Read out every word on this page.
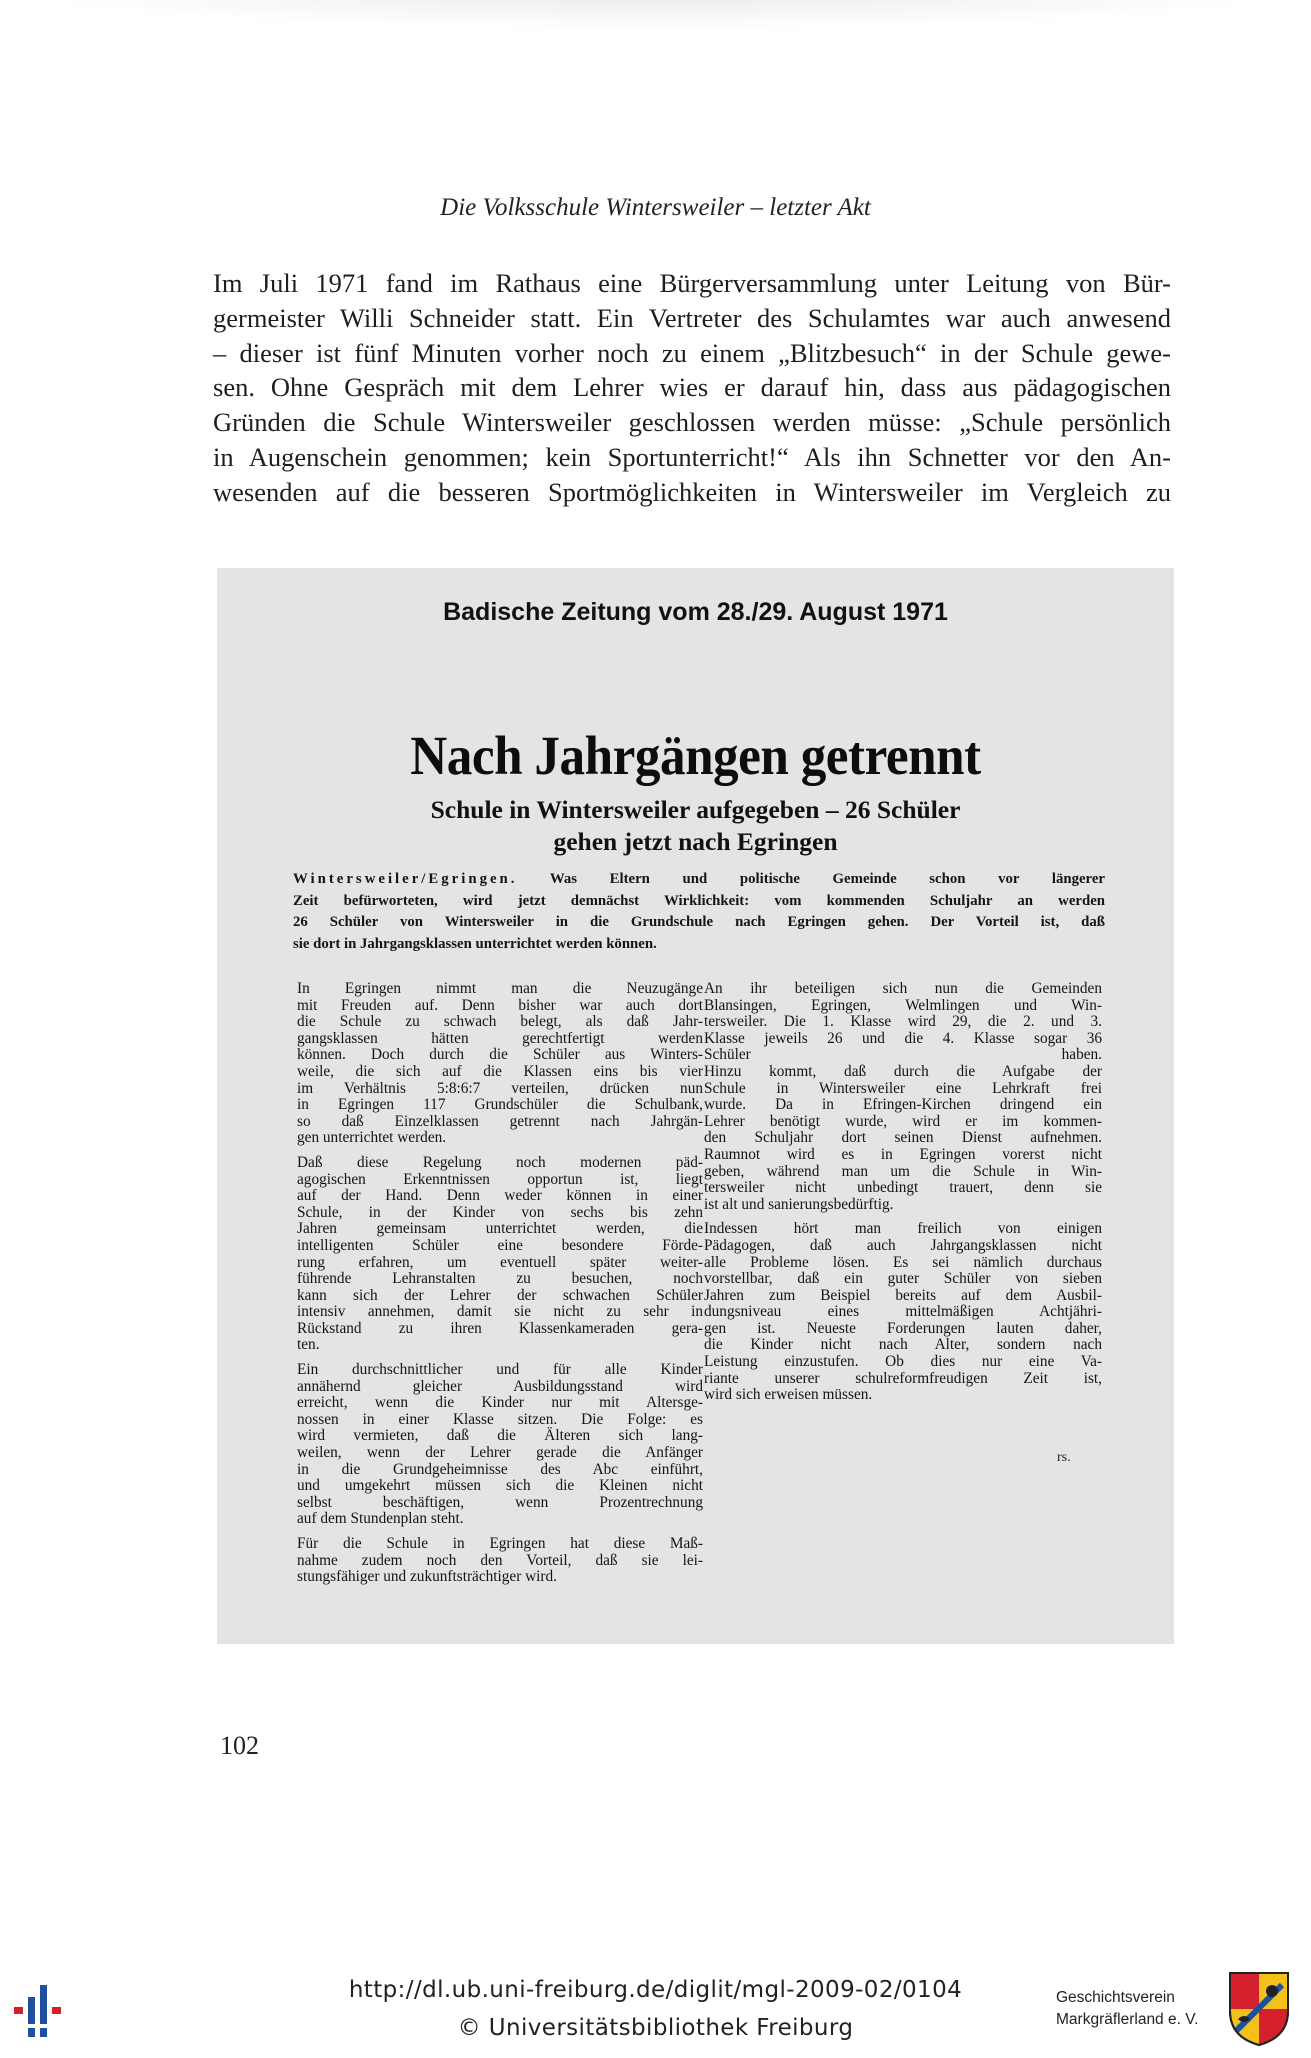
Die Volksschule Wintersweiler – letzter Akt
Im Juli 1971 fand im Rathaus eine Bürgerversammlung unter Leitung von Bür-
germeister Willi Schneider statt. Ein Vertreter des Schulamtes war auch anwesend
– dieser ist fünf Minuten vorher noch zu einem „Blitzbesuch“ in der Schule gewe-
sen. Ohne Gespräch mit dem Lehrer wies er darauf hin, dass aus pädagogischen
Gründen die Schule Wintersweiler geschlossen werden müsse: „Schule persönlich
in Augenschein genommen; kein Sportunterricht!“ Als ihn Schnetter vor den An-
wesenden auf die besseren Sportmöglichkeiten in Wintersweiler im Vergleich zu
Badische Zeitung vom 28./29. August 1971
Nach Jahrgängen getrennt
Schule in Wintersweiler aufgegeben – 26 Schüler
gehen jetzt nach Egringen
Wintersweiler/Egringen. Was Eltern und politische Gemeinde schon vor längerer
Zeit befürworteten, wird jetzt demnächst Wirklichkeit: vom kommenden Schuljahr an werden
26 Schüler von Wintersweiler in die Grundschule nach Egringen gehen. Der Vorteil ist, daß
sie dort in Jahrgangsklassen unterrichtet werden können.
In Egringen nimmt man die Neuzugänge
mit Freuden auf. Denn bisher war auch dort
die Schule zu schwach belegt, als daß Jahr-
gangsklassen hätten gerechtfertigt werden
können. Doch durch die Schüler aus Winters-
weile, die sich auf die Klassen eins bis vier
im Verhältnis 5:8:6:7 verteilen, drücken nun
in Egringen 117 Grundschüler die Schulbank,
so daß Einzelklassen getrennt nach Jahrgän-
gen unterrichtet werden.
Daß diese Regelung noch modernen päd-
agogischen Erkenntnissen opportun ist, liegt
auf der Hand. Denn weder können in einer
Schule, in der Kinder von sechs bis zehn
Jahren gemeinsam unterrichtet werden, die
intelligenten Schüler eine besondere Förde-
rung erfahren, um eventuell später weiter-
führende Lehranstalten zu besuchen, noch
kann sich der Lehrer der schwachen Schüler
intensiv annehmen, damit sie nicht zu sehr in
Rückstand zu ihren Klassenkameraden gera-
ten.
Ein durchschnittlicher und für alle Kinder
annähernd gleicher Ausbildungsstand wird
erreicht, wenn die Kinder nur mit Altersge-
nossen in einer Klasse sitzen. Die Folge: es
wird vermieten, daß die Älteren sich lang-
weilen, wenn der Lehrer gerade die Anfänger
in die Grundgeheimnisse des Abc einführt,
und umgekehrt müssen sich die Kleinen nicht
selbst beschäftigen, wenn Prozentrechnung
auf dem Stundenplan steht.
Für die Schule in Egringen hat diese Maß-
nahme zudem noch den Vorteil, daß sie lei-
stungsfähiger und zukunftsträchtiger wird.
An ihr beteiligen sich nun die Gemeinden
Blansingen, Egringen, Welmlingen und Win-
tersweiler. Die 1. Klasse wird 29, die 2. und 3.
Klasse jeweils 26 und die 4. Klasse sogar 36
Schüler haben.
Hinzu kommt, daß durch die Aufgabe der
Schule in Wintersweiler eine Lehrkraft frei
wurde. Da in Efringen-Kirchen dringend ein
Lehrer benötigt wurde, wird er im kommen-
den Schuljahr dort seinen Dienst aufnehmen.
Raumnot wird es in Egringen vorerst nicht
geben, während man um die Schule in Win-
tersweiler nicht unbedingt trauert, denn sie
ist alt und sanierungsbedürftig.
Indessen hört man freilich von einigen
Pädagogen, daß auch Jahrgangsklassen nicht
alle Probleme lösen. Es sei nämlich durchaus
vorstellbar, daß ein guter Schüler von sieben
Jahren zum Beispiel bereits auf dem Ausbil-
dungsniveau eines mittelmäßigen Achtjähri-
gen ist. Neueste Forderungen lauten daher,
die Kinder nicht nach Alter, sondern nach
Leistung einzustufen. Ob dies nur eine Va-
riante unserer schulreformfreudigen Zeit ist,
wird sich erweisen müssen.
rs.
102
http://dl.ub.uni-freiburg.de/diglit/mgl-2009-02/0104
© Universitätsbibliothek Freiburg
Geschichtsverein
Markgräflerland e. V.
